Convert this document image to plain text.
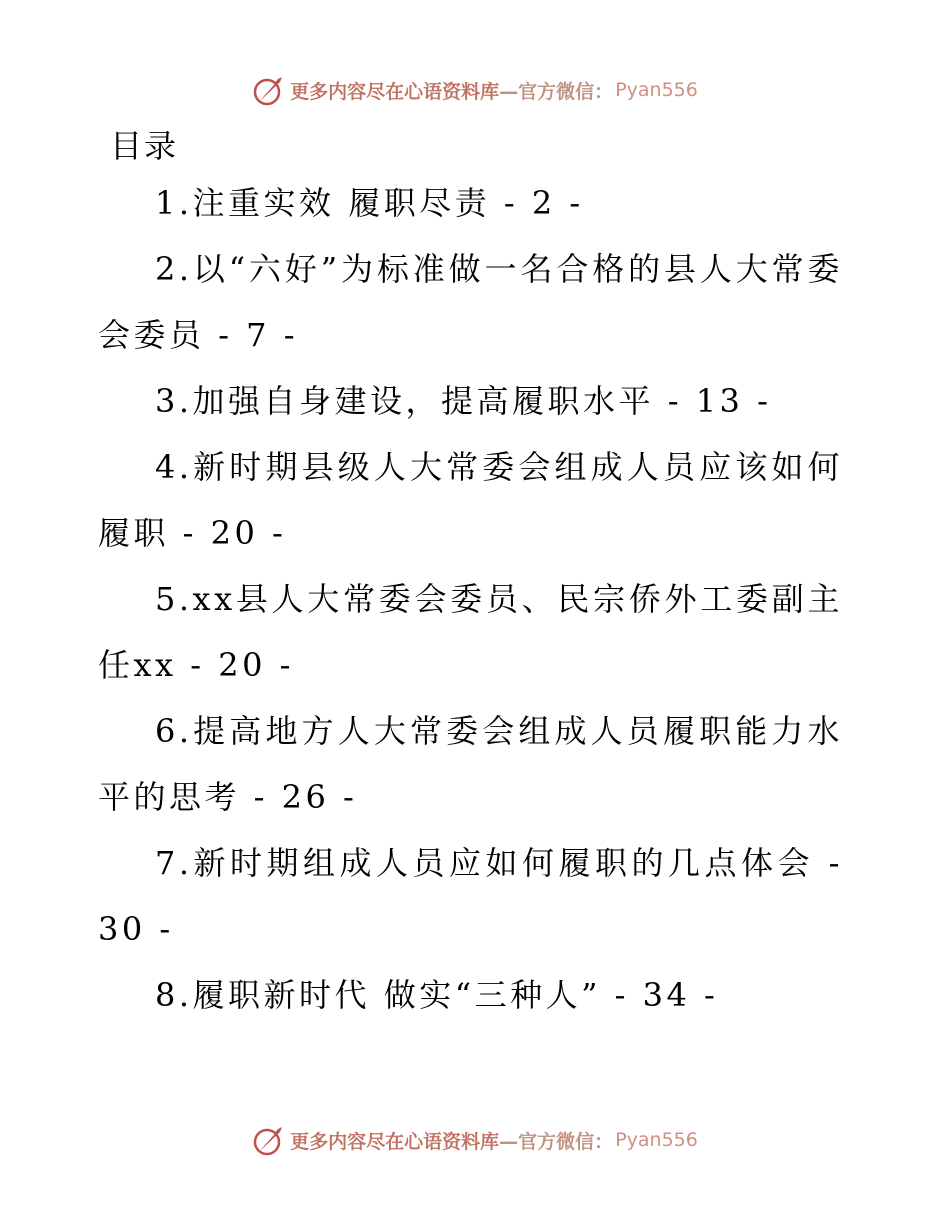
更多内容尽在心语资料库 —官方微信： Pyan556
目录
1.注重实效 履职尽责 - 2 -
2.以“六好”为标准做一名合格的县人大常委会委员 - 7 -
3.加强自身建设，提高履职水平 - 13 -
4.新时期县级人大常委会组成人员应该如何履职 - 20 -
5.xx县人大常委会委员、民宗侨外工委副主任xx - 20 -
6.提高地方人大常委会组成人员履职能力水平的思考 - 26 -
7.新时期组成人员应如何履职的几点体会 - 30 -
8.履职新时代 做实“三种人” - 34 -
更多内容尽在心语资料库 —官方微信： Pyan556
